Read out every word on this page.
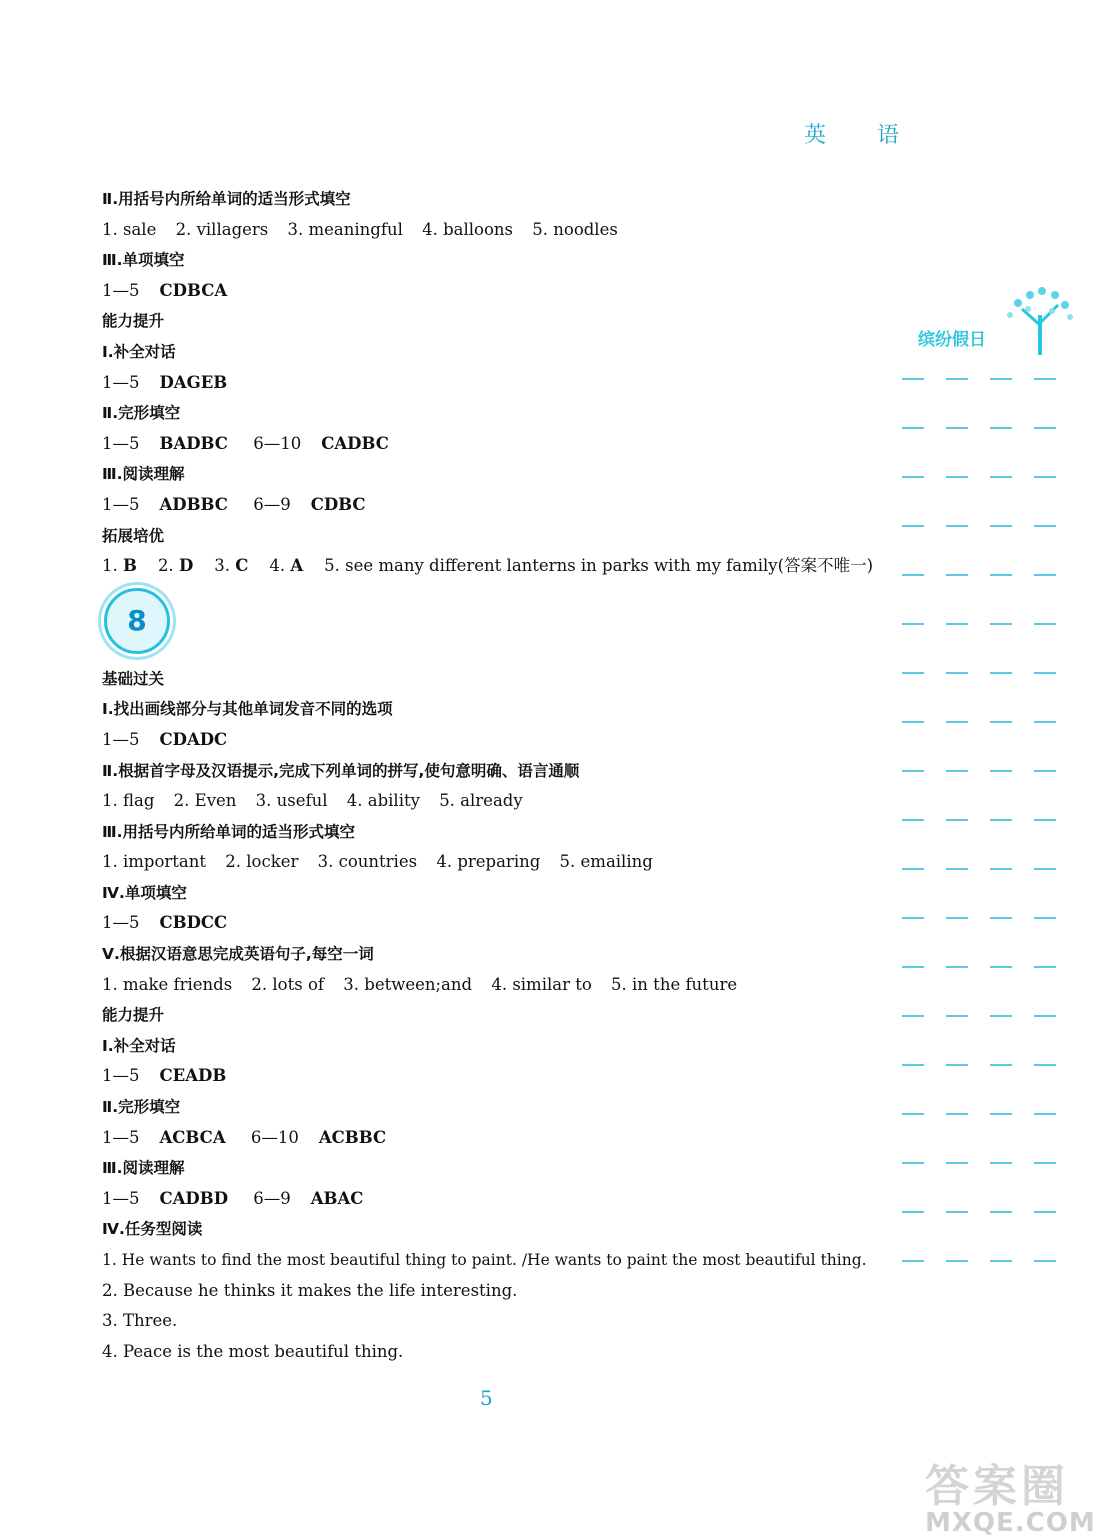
英 语
缤纷假日
Ⅱ.用括号内所给单词的适当形式填空
1. sale 2. villagers 3. meaningful 4. balloons 5. noodles
Ⅲ.单项填空
1—5 CDBCA
能力提升
Ⅰ.补全对话
1—5 DAGEB
Ⅱ.完形填空
1—5 BADBC 6—10 CADBC
Ⅲ.阅读理解
1—5 ADBBC 6—9 CDBC
拓展培优
1. B 2. D 3. C 4. A 5. see many different lanterns in parks with my family(答案不唯一)
8
基础过关
Ⅰ.找出画线部分与其他单词发音不同的选项
1—5 CDADC
Ⅱ.根据首字母及汉语提示,完成下列单词的拼写,使句意明确、语言通顺
1. flag 2. Even 3. useful 4. ability 5. already
Ⅲ.用括号内所给单词的适当形式填空
1. important 2. locker 3. countries 4. preparing 5. emailing
Ⅳ.单项填空
1—5 CBDCC
Ⅴ.根据汉语意思完成英语句子,每空一词
1. make friends 2. lots of 3. between;and 4. similar to 5. in the future
能力提升
Ⅰ.补全对话
1—5 CEADB
Ⅱ.完形填空
1—5 ACBCA 6—10 ACBBC
Ⅲ.阅读理解
1—5 CADBD 6—9 ABAC
Ⅳ.任务型阅读
1. He wants to find the most beautiful thing to paint. /He wants to paint the most beautiful thing.
2. Because he thinks it makes the life interesting.
3. Three.
4. Peace is the most beautiful thing.
5
答案圈
MXQE.COM
